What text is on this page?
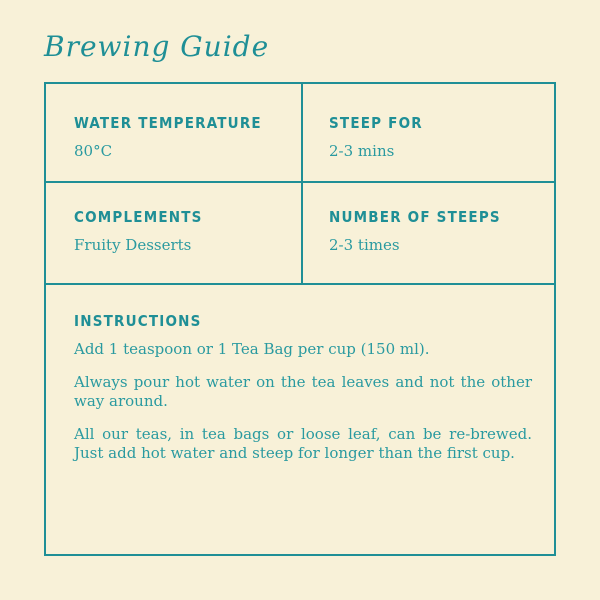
Brewing Guide
WATER TEMPERATURE
80°C
STEEP FOR
2-3 mins
COMPLEMENTS
Fruity Desserts
NUMBER OF STEEPS
2-3 times
INSTRUCTIONS

Add 1 teaspoon or 1 Tea Bag per cup (150 ml).

Always pour hot water on the tea leaves and not the other way around.

All our teas, in tea bags or loose leaf, can be re-brewed. Just add hot water and steep for longer than the first cup.
